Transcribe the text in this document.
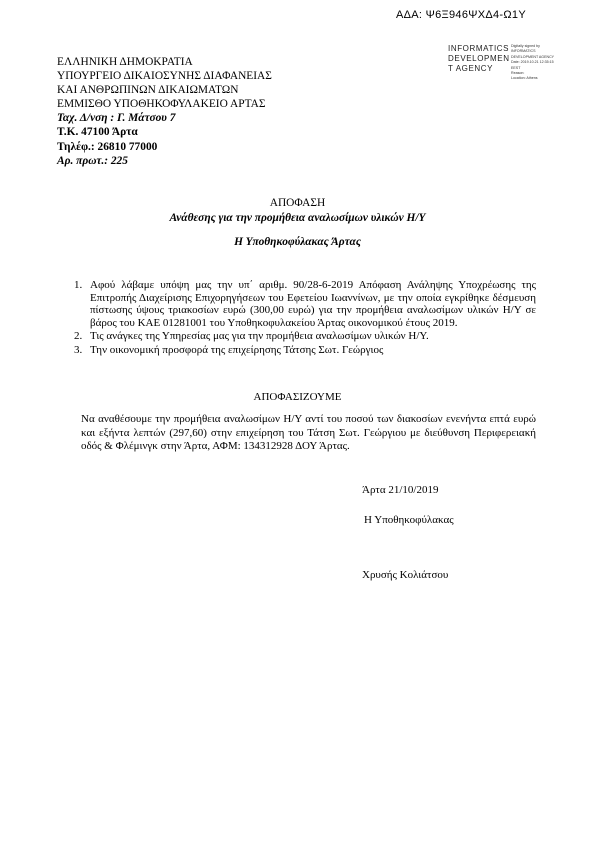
ΑΔΑ: Ψ6Ξ946ΨΧΔ4-Ω1Υ
INFORMATICS
DEVELOPMEN
T AGENCY
Digitally signed by
INFORMATICS
DEVELOPMENT AGENCY
Date: 2019.10.21 12:35:15
EEST
Reason:
Location: Athens
ΕΛΛΗΝΙΚΗ ΔΗΜΟΚΡΑΤΙΑ
ΥΠΟΥΡΓΕΙΟ ΔΙΚΑΙΟΣΥΝΗΣ ΔΙΑΦΑΝΕΙΑΣ
ΚΑΙ ΑΝΘΡΩΠΙΝΩΝ ΔΙΚΑΙΩΜΑΤΩΝ
ΕΜΜΙΣΘΟ ΥΠΟΘΗΚΟΦΥΛΑΚΕΙΟ ΑΡΤΑΣ
Ταχ. Δ/νση : Γ. Μάτσου 7
Τ.Κ. 47100 Άρτα
Τηλέφ.: 26810 77000
Αρ. πρωτ.: 225
ΑΠΟΦΑΣΗ
Ανάθεσης για την προμήθεια αναλωσίμων υλικών Η/Υ
Η Υποθηκοφύλακας Άρτας
1. Αφού λάβαμε υπόψη μας την υπ΄ αριθμ. 90/28-6-2019 Απόφαση Ανάληψης Υποχρέωσης της Επιτροπής Διαχείρισης Επιχορηγήσεων του Εφετείου Ιωαννίνων, με την οποία εγκρίθηκε δέσμευση πίστωσης ύψους τριακοσίων ευρώ (300,00 ευρώ) για την προμήθεια αναλωσίμων υλικών Η/Υ σε βάρος του ΚΑΕ 01281001 του Υποθηκοφυλακείου Άρτας οικονομικού έτους 2019.
2. Τις ανάγκες της Υπηρεσίας μας για την προμήθεια αναλωσίμων υλικών Η/Υ.
3. Την οικονομική προσφορά της επιχείρησης Τάτσης Σωτ. Γεώργιος
ΑΠΟΦΑΣΙΖΟΥΜΕ
Να αναθέσουμε την προμήθεια αναλωσίμων Η/Υ αντί του ποσού των διακοσίων ενενήντα επτά ευρώ και εξήντα λεπτών (297,60) στην επιχείρηση του Τάτση Σωτ. Γεώργιου με διεύθυνση Περιφερειακή οδός & Φλέμινγκ στην Άρτα, ΑΦΜ: 134312928 ΔΟΥ Άρτας.
Άρτα 21/10/2019
Η Υποθηκοφύλακας
Χρυσής Κολιάτσου
